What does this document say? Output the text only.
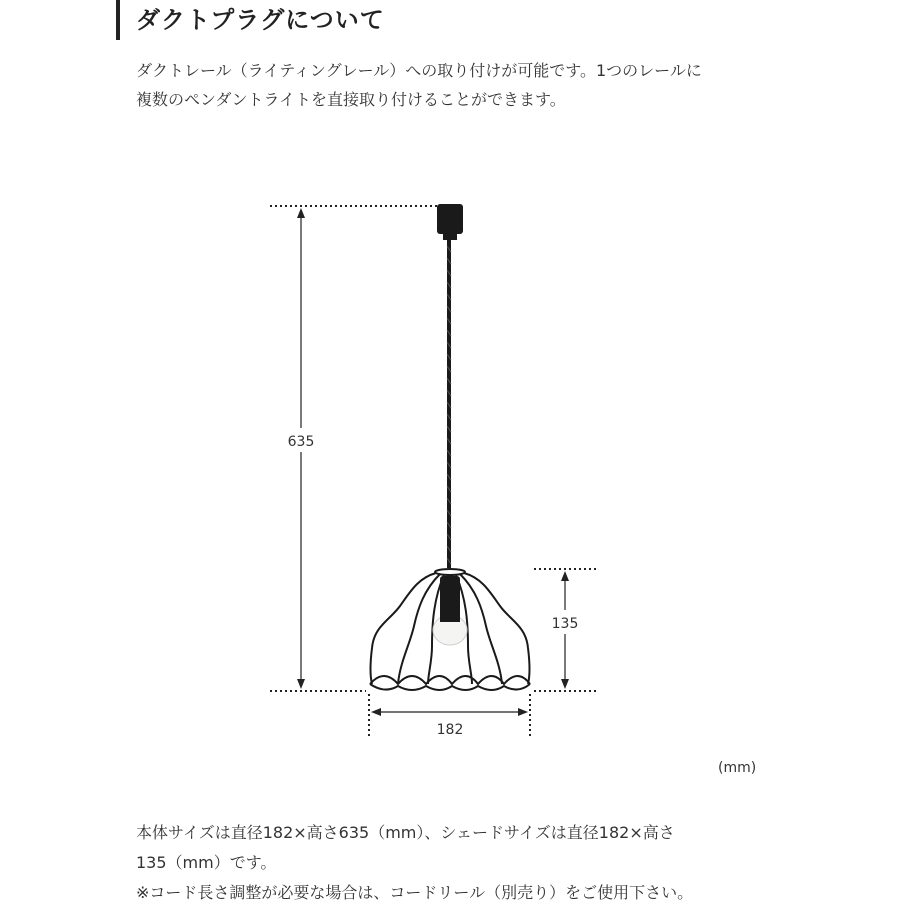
ダクトプラグについて

ダクトレール（ライティングレール）への取り付けが可能です。1つのレールに

複数のペンダントライトを直接取り付けることができます。

635
135
182
(mm)

本体サイズは直径182×高さ635（mm）、シェードサイズは直径182×高さ

135（mm）です。

※コード長さ調整が必要な場合は、コードリール（別売り）をご使用下さい。
